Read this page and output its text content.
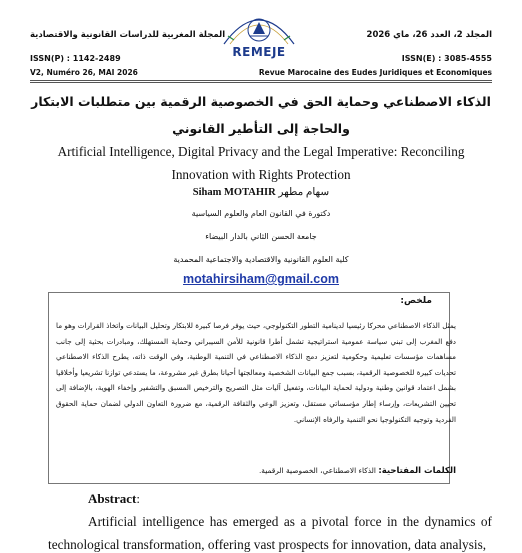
المجلة المغربية للدراسات القانونية والاقتصادية
ISSN(P) : 1142-2489
المجلد 2، العدد 26، ماي 2026
ISSN(E) : 3085-4555
REMEJE
V2, Numéro 26, MAI 2026	Revue Marocaine des Eudes Juridiques et Economiques
الذكاء الاصطناعي وحماية الحق في الخصوصية الرقمية بين متطلبات الابتكار والحاجة إلى التأطير القانوني
Artificial Intelligence, Digital Privacy and the Legal Imperative: Reconciling Innovation with Rights Protection
Siham MOTAHIR سهام مطهر
دكتورة في القانون العام والعلوم السياسية
جامعة الحسن الثاني بالدار البيضاء
كلية العلوم القانونية والاقتصادية والاجتماعية المحمدية
motahirsiham@gmail.com
ملخص:
يمثل الذكاء الاصطناعي محركا رئيسيا لدينامية التطور التكنولوجي، حيث يوفر فرصا كبيرة للابتكار وتحليل البيانات واتخاذ القرارات وهو ما دفع المغرب إلى تبني سياسة عمومية استراتيجية تشمل أطرا قانونية للأمن السيبراني وحماية المستهلك، ومبادرات بحثية إلى جانب مساهمات مؤسسات تعليمية وحكومية لتعزيز دمج الذكاء الاصطناعي في التنمية الوطنية، وفي الوقت ذاته، يطرح الذكاء الاصطناعي تحديات كبيرة للخصوصية الرقمية، بسبب جمع البيانات الشخصية ومعالجتها أحيانا بطرق غير مشروعة، ما يستدعي توازنا تشريعيا وأخلاقيا بشمل اعتماد قوانين وطنية ودولية لحماية البيانات، وتفعيل آليات مثل التصريح والترخيص المسبق والتشفير وإخفاء الهوية، بالإضافة إلى تحيين التشريعات، وإرساء إطار مؤسساتي مستقل، وتعزيز الوعي والثقافة الرقمية، مع ضرورة التعاون الدولي لضمان حماية الحقوق الفردية وتوجيه التكنولوجيا نحو التنمية والرفاه الإنساني.
الكلمات المفتاحية: الذكاء الاصطناعي، الخصوصية الرقمية.
Abstract:
Artificial intelligence has emerged as a pivotal force in the dynamics of technological transformation, offering vast prospects for innovation, data analysis,
